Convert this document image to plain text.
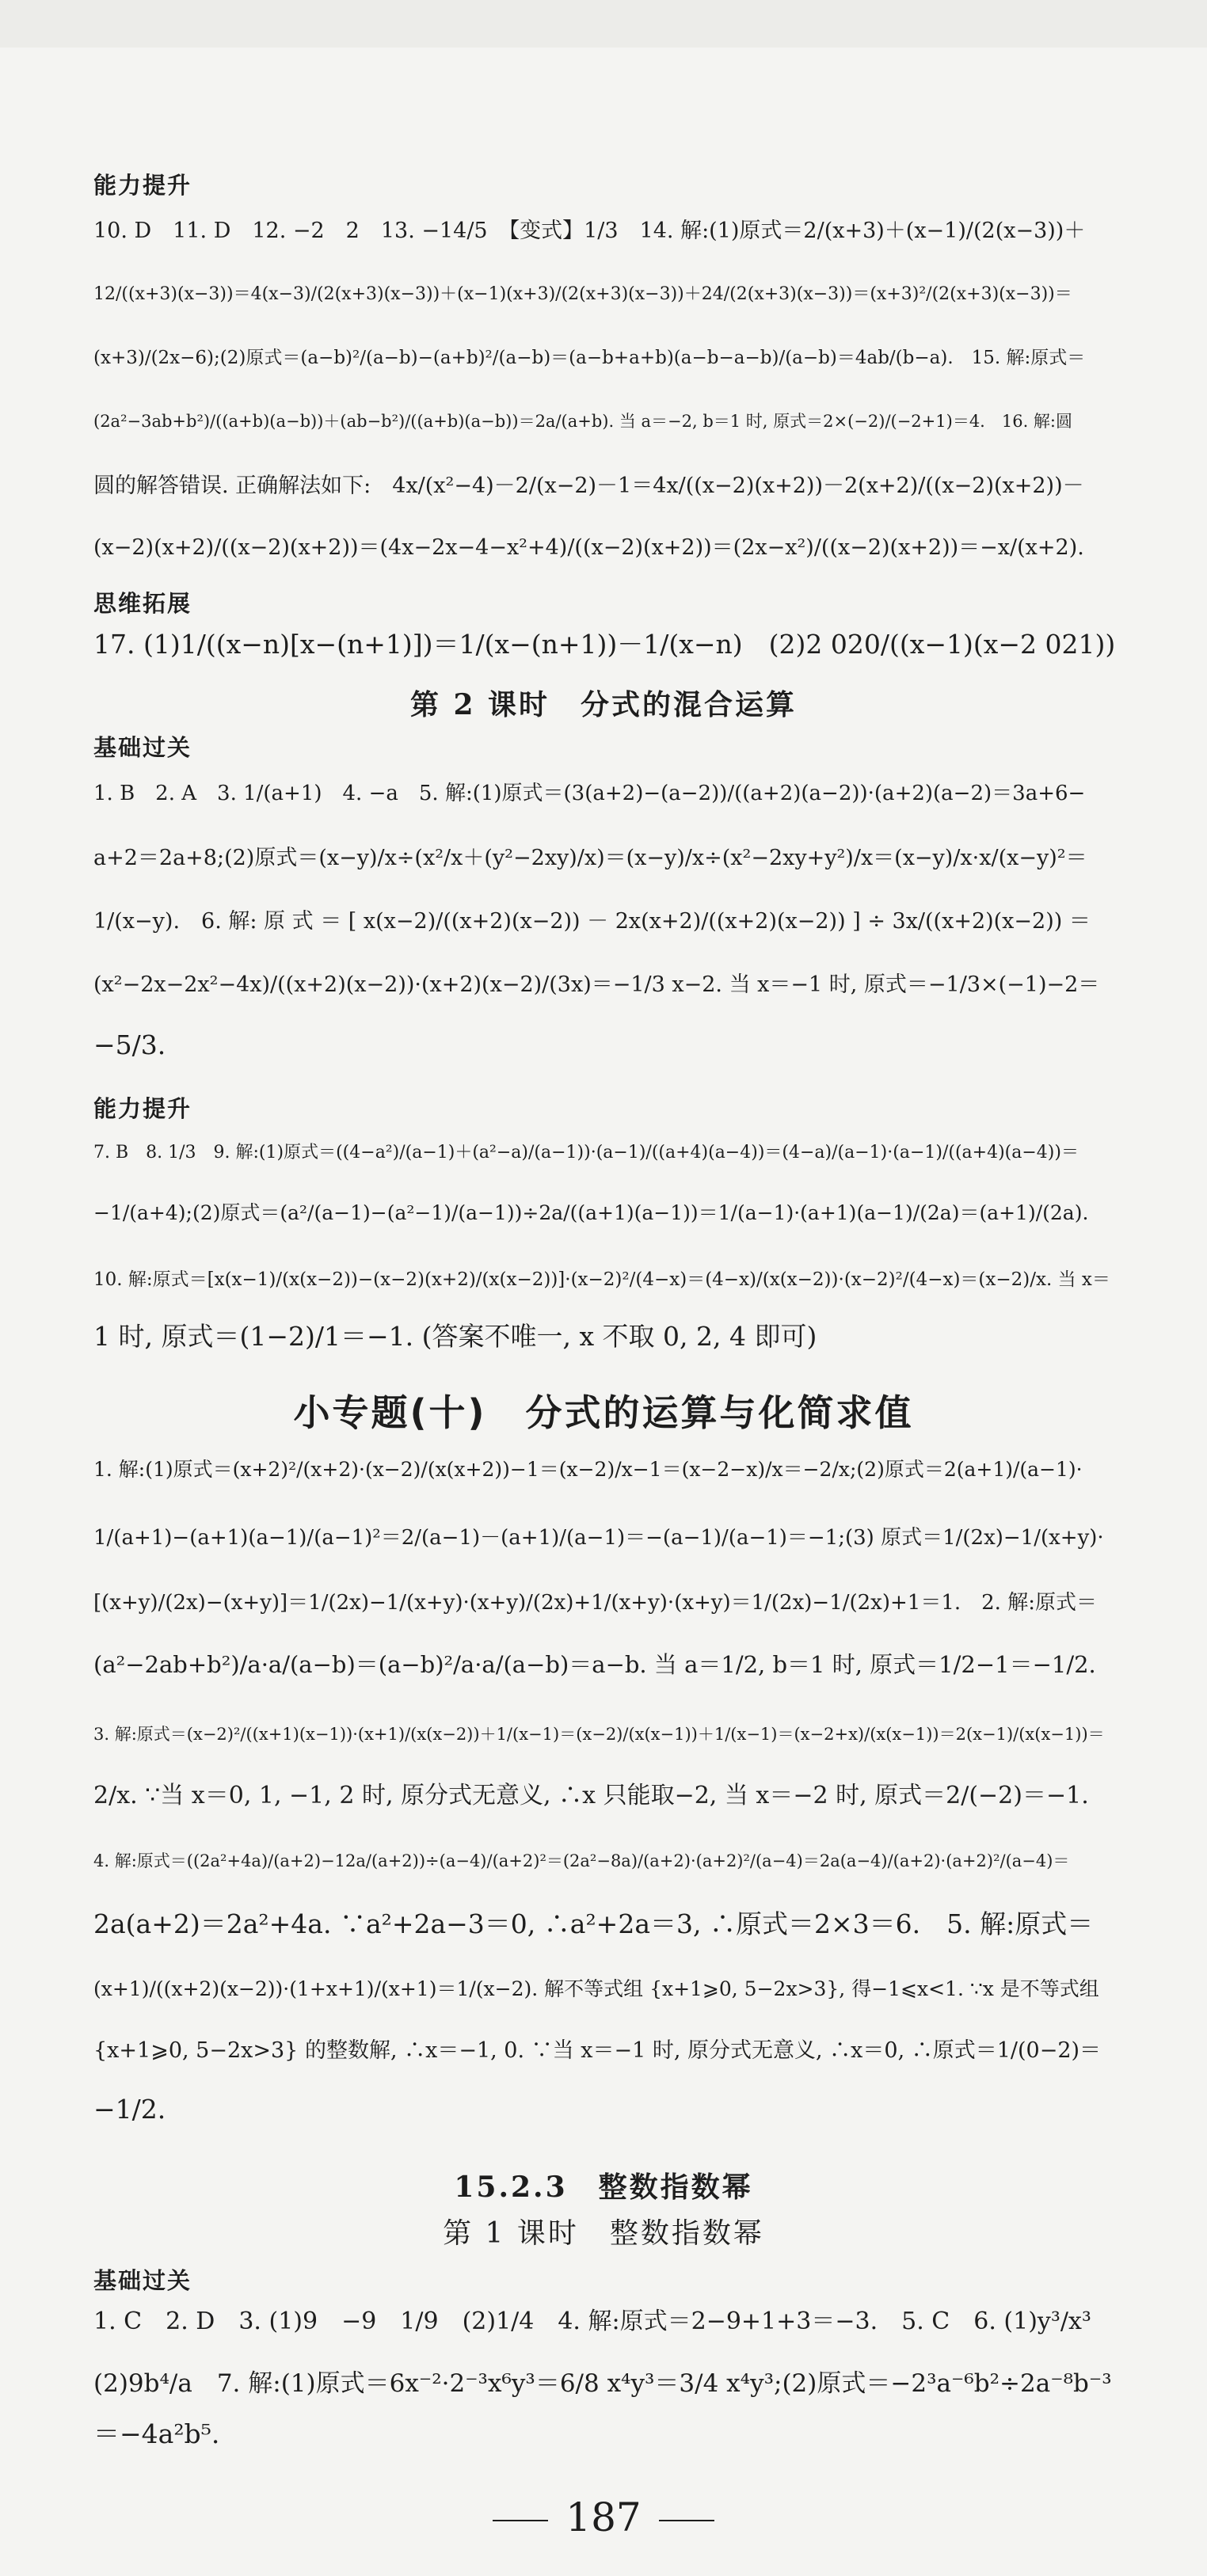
能力提升
10. D　11. D　12. −2　2　13. −14/5　【变式】1/3　14. 解:(1)原式＝2/(x+3)＋(x−1)/(2(x−3))＋
12/((x+3)(x−3))＝4(x−3)/(2(x+3)(x−3))＋(x−1)(x+3)/(2(x+3)(x−3))＋24/(2(x+3)(x−3))＝(x+3)²/(2(x+3)(x−3))＝
(x+3)/(2x−6);(2)原式＝(a−b)²/(a−b)−(a+b)²/(a−b)＝(a−b+a+b)(a−b−a−b)/(a−b)＝4ab/(b−a).　15. 解:原式＝
(2a²−3ab+b²)/((a+b)(a−b))＋(ab−b²)/((a+b)(a−b))＝2a/(a+b). 当 a＝−2, b＝1 时, 原式＝2×(−2)/(−2+1)＝4.　16. 解:圆
圆的解答错误. 正确解法如下:　4x/(x²−4)－2/(x−2)－1＝4x/((x−2)(x+2))－2(x+2)/((x−2)(x+2))－
(x−2)(x+2)/((x−2)(x+2))＝(4x−2x−4−x²+4)/((x−2)(x+2))＝(2x−x²)/((x−2)(x+2))＝−x/(x+2).
思维拓展
17. (1)1/((x−n)[x−(n+1)])＝1/(x−(n+1))－1/(x−n)　(2)2 020/((x−1)(x−2 021))
第 2 课时　分式的混合运算
基础过关
1. B　2. A　3. 1/(a+1)　4. −a　5. 解:(1)原式＝(3(a+2)−(a−2))/((a+2)(a−2))·(a+2)(a−2)＝3a+6−
a+2＝2a+8;(2)原式＝(x−y)/x÷(x²/x＋(y²−2xy)/x)＝(x−y)/x÷(x²−2xy+y²)/x＝(x−y)/x·x/(x−y)²＝
1/(x−y).　6. 解: 原 式 ＝ [ x(x−2)/((x+2)(x−2)) － 2x(x+2)/((x+2)(x−2)) ] ÷ 3x/((x+2)(x−2)) ＝
(x²−2x−2x²−4x)/((x+2)(x−2))·(x+2)(x−2)/(3x)＝−1/3 x−2. 当 x＝−1 时, 原式＝−1/3×(−1)−2＝
−5/3.
能力提升
7. B　8. 1/3　9. 解:(1)原式＝((4−a²)/(a−1)＋(a²−a)/(a−1))·(a−1)/((a+4)(a−4))＝(4−a)/(a−1)·(a−1)/((a+4)(a−4))＝
−1/(a+4);(2)原式＝(a²/(a−1)−(a²−1)/(a−1))÷2a/((a+1)(a−1))＝1/(a−1)·(a+1)(a−1)/(2a)＝(a+1)/(2a).
10. 解:原式＝[x(x−1)/(x(x−2))−(x−2)(x+2)/(x(x−2))]·(x−2)²/(4−x)＝(4−x)/(x(x−2))·(x−2)²/(4−x)＝(x−2)/x. 当 x＝
1 时, 原式＝(1−2)/1＝−1. (答案不唯一, x 不取 0, 2, 4 即可)
小专题(十)　分式的运算与化简求值
1. 解:(1)原式＝(x+2)²/(x+2)·(x−2)/(x(x+2))−1＝(x−2)/x−1＝(x−2−x)/x＝−2/x;(2)原式＝2(a+1)/(a−1)·
1/(a+1)−(a+1)(a−1)/(a−1)²＝2/(a−1)－(a+1)/(a−1)＝−(a−1)/(a−1)＝−1;(3) 原式＝1/(2x)−1/(x+y)·
[(x+y)/(2x)−(x+y)]＝1/(2x)−1/(x+y)·(x+y)/(2x)+1/(x+y)·(x+y)＝1/(2x)−1/(2x)+1＝1.　2. 解:原式＝
(a²−2ab+b²)/a·a/(a−b)＝(a−b)²/a·a/(a−b)＝a−b. 当 a＝1/2, b＝1 时, 原式＝1/2−1＝−1/2.
3. 解:原式＝(x−2)²/((x+1)(x−1))·(x+1)/(x(x−2))＋1/(x−1)＝(x−2)/(x(x−1))＋1/(x−1)＝(x−2+x)/(x(x−1))＝2(x−1)/(x(x−1))＝
2/x. ∵当 x＝0, 1, −1, 2 时, 原分式无意义, ∴x 只能取−2, 当 x＝−2 时, 原式＝2/(−2)＝−1.
4. 解:原式＝((2a²+4a)/(a+2)−12a/(a+2))÷(a−4)/(a+2)²＝(2a²−8a)/(a+2)·(a+2)²/(a−4)＝2a(a−4)/(a+2)·(a+2)²/(a−4)＝
2a(a+2)＝2a²+4a. ∵a²+2a−3＝0, ∴a²+2a＝3, ∴原式＝2×3＝6.　5. 解:原式＝
(x+1)/((x+2)(x−2))·(1+x+1)/(x+1)＝1/(x−2). 解不等式组 {x+1⩾0, 5−2x>3}, 得−1⩽x<1. ∵x 是不等式组
{x+1⩾0, 5−2x>3} 的整数解, ∴x＝−1, 0. ∵当 x＝−1 时, 原分式无意义, ∴x＝0, ∴原式＝1/(0−2)＝
−1/2.
15.2.3　整数指数幂
第 1 课时　整数指数幂
基础过关
1. C　2. D　3. (1)9　−9　1/9　(2)1/4　4. 解:原式＝2−9+1+3＝−3.　5. C　6. (1)y³/x³
(2)9b⁴/a　7. 解:(1)原式＝6x⁻²·2⁻³x⁶y³＝6/8 x⁴y³＝3/4 x⁴y³;(2)原式＝−2³a⁻⁶b²÷2a⁻⁸b⁻³
＝−4a²b⁵.
187
